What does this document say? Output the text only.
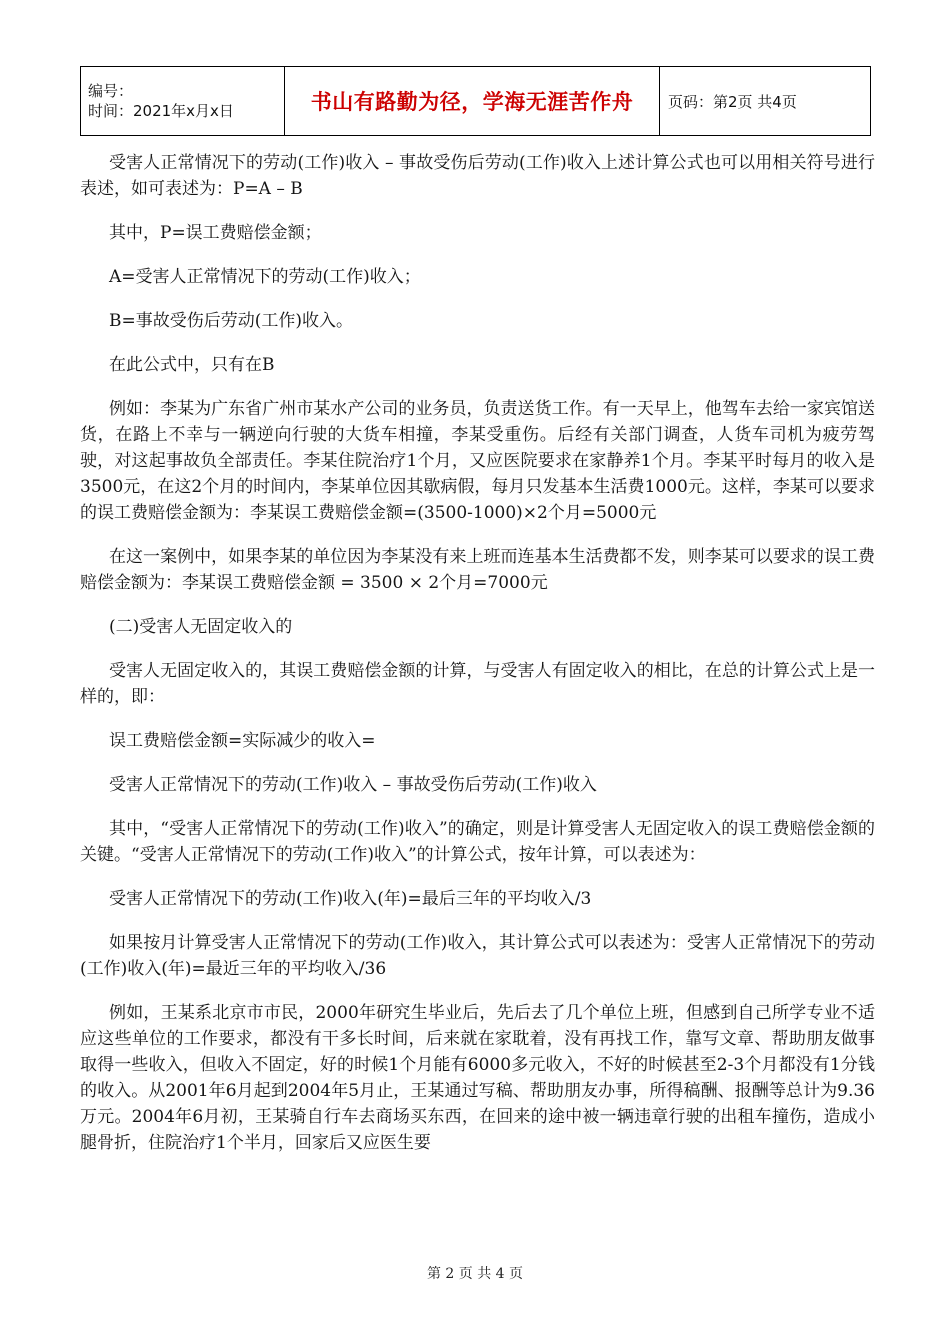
编号：
时间：2021年x月x日	书山有路勤为径，学海无涯苦作舟	页码：第2页 共4页

受害人正常情况下的劳动(工作)收入 – 事故受伤后劳动(工作)收入上述计算公式也可以用相关符号进行表述，如可表述为：P=A – B

其中，P=误工费赔偿金额；

A=受害人正常情况下的劳动(工作)收入；

B=事故受伤后劳动(工作)收入。

在此公式中，只有在B

例如：李某为广东省广州市某水产公司的业务员，负责送货工作。有一天早上，他驾车去给一家宾馆送货，在路上不幸与一辆逆向行驶的大货车相撞，李某受重伤。后经有关部门调查，人货车司机为疲劳驾驶，对这起事故负全部责任。李某住院治疗1个月，又应医院要求在家静养1个月。李某平时每月的收入是3500元，在这2个月的时间内，李某单位因其歇病假，每月只发基本生活费1000元。这样，李某可以要求的误工费赔偿金额为：李某误工费赔偿金额=(3500-1000)×2个月=5000元

在这一案例中，如果李某的单位因为李某没有来上班而连基本生活费都不发，则李某可以要求的误工费赔偿金额为：李某误工费赔偿金额 = 3500 × 2个月=7000元

(二)受害人无固定收入的

受害人无固定收入的，其误工费赔偿金额的计算，与受害人有固定收入的相比，在总的计算公式上是一样的，即：

误工费赔偿金额=实际减少的收入=

受害人正常情况下的劳动(工作)收入 – 事故受伤后劳动(工作)收入

其中，“受害人正常情况下的劳动(工作)收入”的确定，则是计算受害人无固定收入的误工费赔偿金额的关键。“受害人正常情况下的劳动(工作)收入”的计算公式，按年计算，可以表述为：

受害人正常情况下的劳动(工作)收入(年)=最后三年的平均收入/3

如果按月计算受害人正常情况下的劳动(工作)收入，其计算公式可以表述为：受害人正常情况下的劳动(工作)收入(年)=最近三年的平均收入/36

例如，王某系北京市市民，2000年研究生毕业后，先后去了几个单位上班，但感到自己所学专业不适应这些单位的工作要求，都没有干多长时间，后来就在家耽着，没有再找工作，靠写文章、帮助朋友做事取得一些收入，但收入不固定，好的时候1个月能有6000多元收入，不好的时候甚至2-3个月都没有1分钱的收入。从2001年6月起到2004年5月止，王某通过写稿、帮助朋友办事，所得稿酬、报酬等总计为9.36万元。2004年6月初，王某骑自行车去商场买东西，在回来的途中被一辆违章行驶的出租车撞伤，造成小腿骨折，住院治疗1个半月，回家后又应医生要

第 2 页 共 4 页
